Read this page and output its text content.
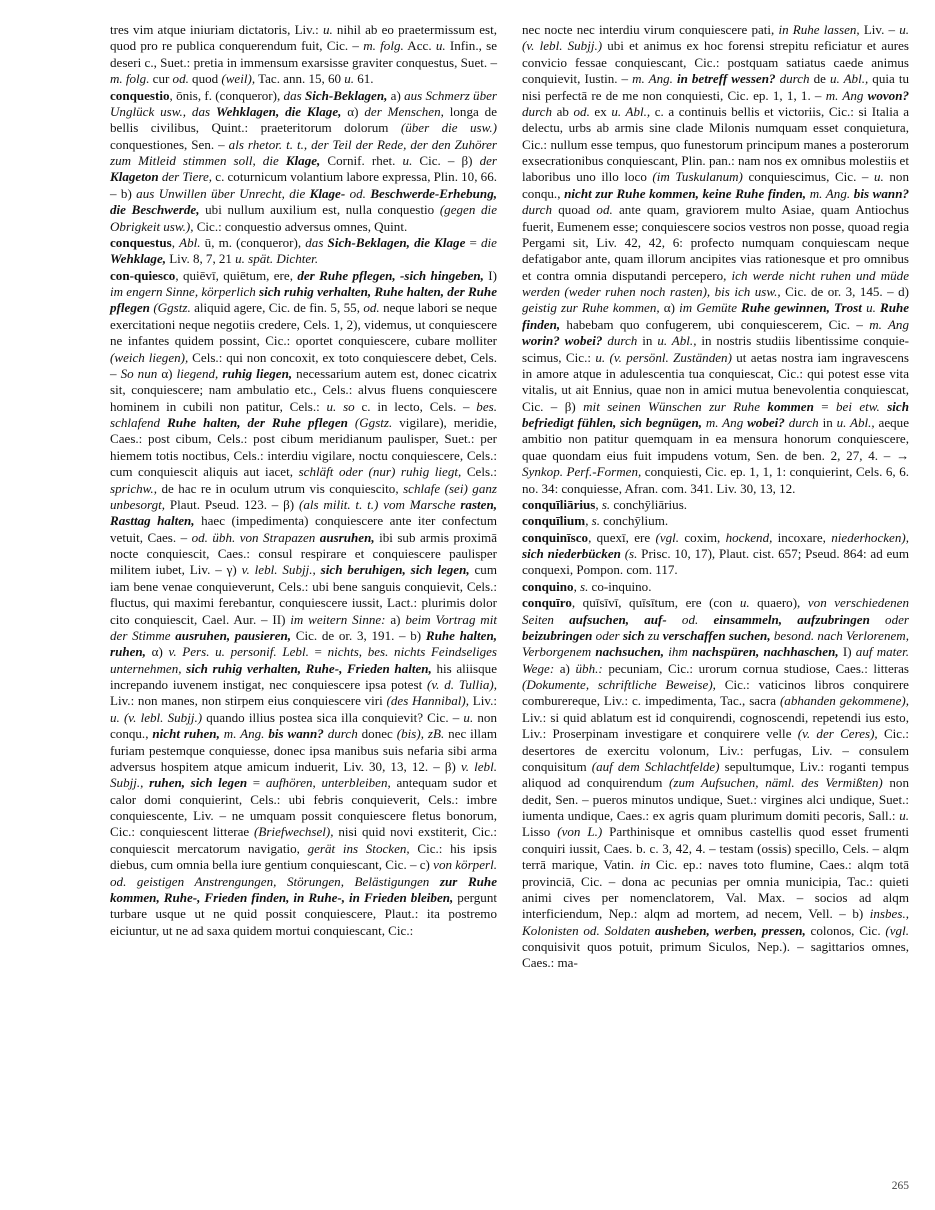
tres vim atque iniuriam dictatoris, Liv.: u. nihil ab eo praetermissum est, quod pro re publica conquerendum fuit, Cic. – m. folg. Acc. u. Infin., se deseri c., Suet.: pretia in immensum exarsisse graviter conquestus, Suet. – m. folg. cur od. quod (weil), Tac. ann. 15, 60 u. 61.

conquestio, ōnis, f. (conqueror), das Sich-Beklagen, a) aus Schmerz über Unglück usw., das Wehklagen, die Klage, α) der Menschen, longa de bellis civilibus, Quint.: praeteritorum dolorum (über die usw.) conquestiones, Sen. – als rhetor. t. t., der Teil der Rede, der den Zuhörer zum Mitleid stimmen soll, die Klage, Cornif. rhet. u. Cic. – β) der Klageton der Tiere, c. coturnicum volantium labore expressa, Plin. 10, 66. – b) aus Unwillen über Unrecht, die Klage- od. Beschwerde-Erhebung, die Beschwerde, ubi nullum auxilium est, nulla conquestio (gegen die Obrigkeit usw.), Cic.: conquestio adversus omnes, Quint.

conquestus, Abl. ū, m. (conqueror), das Sich-Beklagen, die Klage = die Wehklage, Liv. 8, 7, 21 u. spät. Dichter.

con-quiesco, quiēvī, quiētum, ere, der Ruhe pflegen, -sich hingeben, I) im engern Sinne, körperlich sich ruhig verhalten, Ruhe halten, der Ruhe pflegen (Ggstz. aliquid agere, Cic. de fin. 5, 55, od. neque labori se neque exercitationi neque negotiis credere, Cels. 1, 2), videmus, ut conquiescere ne infantes quidem possint, Cic.: oportet conquiescere, cubare molliter (weich liegen), Cels.: qui non concoxit, ex toto conquiescere debet, Cels. – So nun α) liegend, ruhig liegen, necessarium autem est, donec cicatrix sit, conquiescere; nam ambulatio etc., Cels.: alvus fluens conquiescere hominem in cubili non patitur, Cels.: u. so c. in lecto, Cels. – bes. schlafend Ruhe halten, der Ruhe pflegen (Ggstz. vigilare), meridie, Caes.: post cibum, Cels.: post cibum meridianum paulisper, Suet.: per hiemem totis noctibus, Cels.: interdiu vigilare, noctu conquiescere, Cels.: cum conquiescit aliquis aut iacet, schläft oder (nur) ruhig liegt, Cels.: sprichw., de hac re in oculum utrum vis conquiescito, schlafe (sei) ganz unbesorgt, Plaut. Pseud. 123. – β) (als milit. t. t.) vom Marsche rasten, Rasttag halten, haec (impedimenta) conquiescere ante iter confectum vetuit, Caes. – od. übh. von Strapazen ausruhen, ibi sub armis proximā nocte conquiescit, Caes.: consul respirare et conquiescere paulisper militem iubet, Liv. – γ) v. lebl. Subjj., sich beruhigen, sich legen, cum iam bene venae conquieverunt, Cels.: ubi bene sanguis conquievit, Cels.: fluctus, qui maximi ferebantur, conquiescere iussit, Lact.: plurimis dolor cito conquiescit, Cael. Aur. – II) im weitern Sinne: a) beim Vortrag mit der Stimme ausruhen, pausieren, Cic. de or. 3, 191. – b) Ruhe halten, ruhen, α) v. Pers. u. personif. Lebl. = nichts, bes. nichts Feindseliges unternehmen, sich ruhig verhalten, Ruhe-, Frieden halten, his aliisque increpando iuvenem instigat, nec conquiescere ipsa potest (v. d. Tullia), Liv.: non manes, non stirpem eius conquiescere viri (des Hannibal), Liv.: u. (v. lebl. Subjj.) quando illius postea sica illa conquievit? Cic. – u. non conqu., nicht ruhen, m. Ang. bis wann? durch donec (bis), zB. nec illam furiam pestemque conquiesse, donec ipsa manibus suis nefaria sibi arma adversus hospitem atque amicum induerit, Liv. 30, 13, 12. – β) v. lebl. Subjj., ruhen, sich legen = aufhören, unterbleiben, antequam sudor et calor domi conquierint, Cels.: ubi febris conquieverit, Cels.: imbre conquiescente, Liv. – ne umquam possit conquiescere fletus bonorum, Cic.: conquiescent litterae (Briefwechsel), nisi quid novi exstiterit, Cic.: conquiescit mercatorum navigatio, gerät ins Stocken, Cic.: his ipsis diebus, cum omnia bella iure gentium conquiescant, Cic. – c) von körperl. od. geistigen Anstrengungen, Störungen, Belästigungen zur Ruhe kommen, Ruhe-, Frieden finden, in Ruhe-, in Frieden bleiben, pergunt turbare usque ut ne quid possit conquiescere, Plaut.: ita postremo eiciuntur, ut ne ad saxa quidem mortui conquiescant, Cic.:

nec nocte nec interdiu virum conquiescere pati, in Ruhe lassen, Liv. – u. (v. lebl. Subjj.) ubi et animus ex hoc forensi strepitu reficiatur et aures convicio fessae conquiescant, Cic.: postquam satiatus caede animus conquievit, Iustin. – m. Ang. in betreff wessen? durch de u. Abl., quia tu nisi perfectā re de me non conquiesti, Cic. ep. 1, 1, 1. – m. Ang wovon? durch ab od. ex u. Abl., c. a continuis bellis et victoriis, Cic.: si Italia a delectu, urbs ab armis sine clade Milonis numquam esset conquietura, Cic.: nullum esse tempus, quo funestorum principum manes a posterorum exsecrationibus conquiescant, Plin. pan.: nam nos ex omnibus molestiis et laboribus uno illo loco (im Tuskulanum) conquiescimus, Cic. – u. non conqu., nicht zur Ruhe kommen, keine Ruhe finden, m. Ang. bis wann? durch quoad od. ante quam, graviorem multo Asiae, quam Antiochus fuerit, Eumenem esse; conquiescere socios vestros non posse, quoad regia Pergami sit, Liv. 42, 42, 6: profecto numquam conquiescam neque defatigabor ante, quam illorum ancipites vias rationesque et pro omnibus et contra omnia disputandi percepero, ich werde nicht ruhen und müde werden (weder ruhen noch rasten), bis ich usw., Cic. de or. 3, 145. – d) geistig zur Ruhe kommen, α) im Gemüte Ruhe gewinnen, Trost u. Ruhe finden, habebam quo confugerem, ubi conquiescerem, Cic. – m. Ang worin? wobei? durch in u. Abl., in nostris studiis libentissime conquiescimus, Cic.: u. (v. persönl. Zuständen) ut aetas nostra iam ingravescens in amore atque in adulescentia tua conquiescat, Cic.: qui potest esse vita vitalis, ut ait Ennius, quae non in amici mutua benevolentia conquiescat, Cic. – β) mit seinen Wünschen zur Ruhe kommen = bei etw. sich befriedigt fühlen, sich begnügen, m. Ang wobei? durch in u. Abl., aeque ambitio non patitur quemquam in ea mensura honorum conquiescere, quae quondam eius fuit impudens votum, Sen. de ben. 2, 27, 4. – → Synkop. Perf.-Formen, conquiesti, Cic. ep. 1, 1, 1: conquierint, Cels. 6, 6. no. 34: conquiesse, Afran. com. 341. Liv. 30, 13, 12.

conquīliārius, s. conchȳliārius.

conquīlium, s. conchȳlium.

conquinīsco, quexī, ere (vgl. coxim, hockend, incoxare, niederhocken), sich niederbücken (s. Prisc. 10, 17), Plaut. cist. 657; Pseud. 864: ad eum conquexi, Pompon. com. 117.

conquino, s. co-inquino.

conquīro, quīsīvī, quīsītum, ere (con u. quaero), von verschiedenen Seiten aufsuchen, auf- od. einsammeln, aufzubringen oder beizubringen oder sich zu verschaffen suchen, besond. nach Verlorenem, Verborgenem nachsuchen, ihm nachspüren, nachhaschen, I) auf mater. Wege: a) übh.: pecuniam, Cic.: urorum cornua studiose, Caes.: litteras (Dokumente, schriftliche Beweise), Cic.: vaticinos libros conquirere comburereque, Liv.: c. impedimenta, Tac., sacra (abhanden gekommene), Liv.: si quid ablatum est id conquirendi, cognoscendi, repetendi ius esto, Liv.: Proserpinam investigare et conquirere velle (v. der Ceres), Cic.: desertores de exercitu volonum, Liv.: perfugas, Liv. – consulem conquisitum (auf dem Schlachtfelde) sepultumque, Liv.: roganti tempus aliquod ad conquirendum (zum Aufsuchen, näml. des Vermißten) non dedit, Sen. – pueros minutos undique, Suet.: virgines alci undique, Suet.: iumenta undique, Caes.: ex agris quam plurimum domiti pecoris, Sall.: u. Lisso (von L.) Parthinisque et omnibus castellis quod esset frumenti conquiri iussit, Caes. b. c. 3, 42, 4. – testam (ossis) specillo, Cels. – alqm terrā marique, Vatin. in Cic. ep.: naves toto flumine, Caes.: alqm totā provinciā, Cic. – dona ac pecunias per omnia municipia, Tac.: quieti animi cives per nomenclatorem, Val. Max. – socios ad alqm interficiendum, Nep.: alqm ad mortem, ad necem, Vell. – b) insbes., Kolonisten od. Soldaten ausheben, werben, pressen, colonos, Cic. (vgl. conquisivit quos potuit, primum Siculos, Nep.). – sagittarios omnes, Caes.: ma-

265
